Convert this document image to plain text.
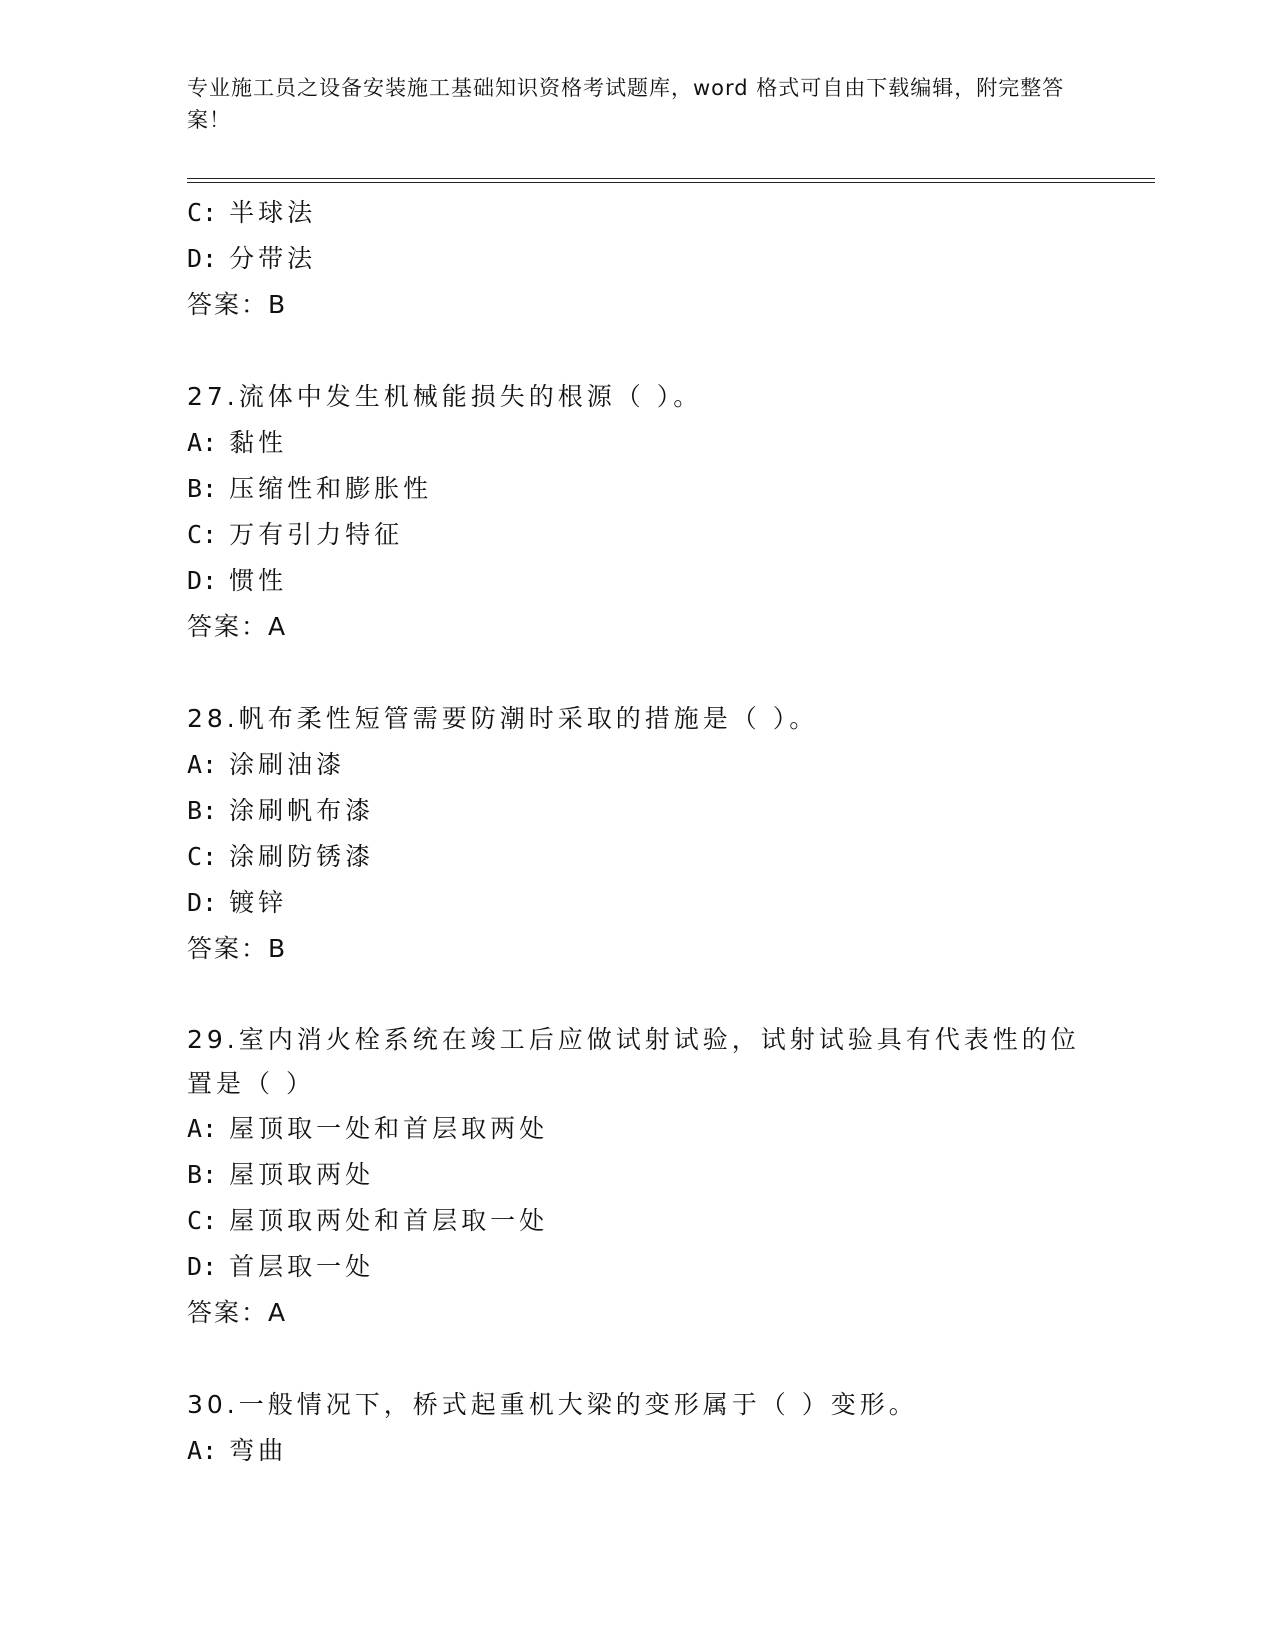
专业施工员之设备安装施工基础知识资格考试题库，word 格式可自由下载编辑，附完整答案！
C: 半球法
D: 分带法
答案：B
27.流体中发生机械能损失的根源（ ）。
A: 黏性
B: 压缩性和膨胀性
C: 万有引力特征
D: 惯性
答案：A
28.帆布柔性短管需要防潮时采取的措施是（ ）。
A: 涂刷油漆
B: 涂刷帆布漆
C: 涂刷防锈漆
D: 镀锌
答案：B
29.室内消火栓系统在竣工后应做试射试验，试射试验具有代表性的位置是（ ）
A: 屋顶取一处和首层取两处
B: 屋顶取两处
C: 屋顶取两处和首层取一处
D: 首层取一处
答案：A
30.一般情况下，桥式起重机大梁的变形属于（ ）变形。
A: 弯曲
